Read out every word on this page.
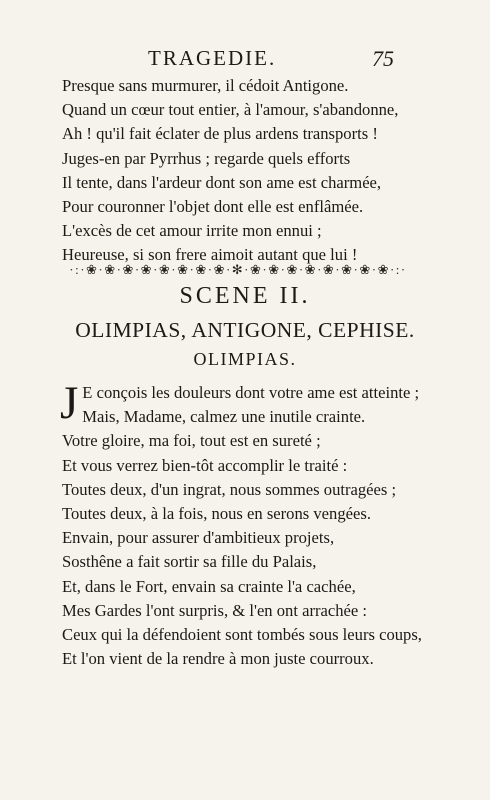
TRAGEDIE.	75
Presque sans murmurer, il cédoit Antigone.
Quand un cœur tout entier, à l'amour, s'abandonne,
Ah ! qu'il fait éclater de plus ardens transports !
Juges-en par Pyrrhus ; regarde quels efforts
Il tente, dans l'ardeur dont son ame est charmée,
Pour couronner l'objet dont elle est enflâmée.
L'excès de cet amour irrite mon ennui ;
Heureuse, si son frere aimoit autant que lui !
·:·❀·❀·❀·❀·❀·❀·❀·❀·✻·❀·❀·❀·❀·❀·❀·❀·❀·:·
SCENE II.
OLIMPIAS, ANTIGONE, CEPHISE.
OLIMPIAS.
J E conçois les douleurs dont votre ame est atteinte ;
Mais, Madame, calmez une inutile crainte.
Votre gloire, ma foi, tout est en sureté ;
Et vous verrez bien-tôt accomplir le traité :
Toutes deux, d'un ingrat, nous sommes outragées ;
Toutes deux, à la fois, nous en serons vengées.
Envain, pour assurer d'ambitieux projets,
Sosthêne a fait sortir sa fille du Palais,
Et, dans le Fort, envain sa crainte l'a cachée,
Mes Gardes l'ont surpris, & l'en ont arrachée :
Ceux qui la défendoient sont tombés sous leurs coups,
Et l'on vient de la rendre à mon juste courroux.
